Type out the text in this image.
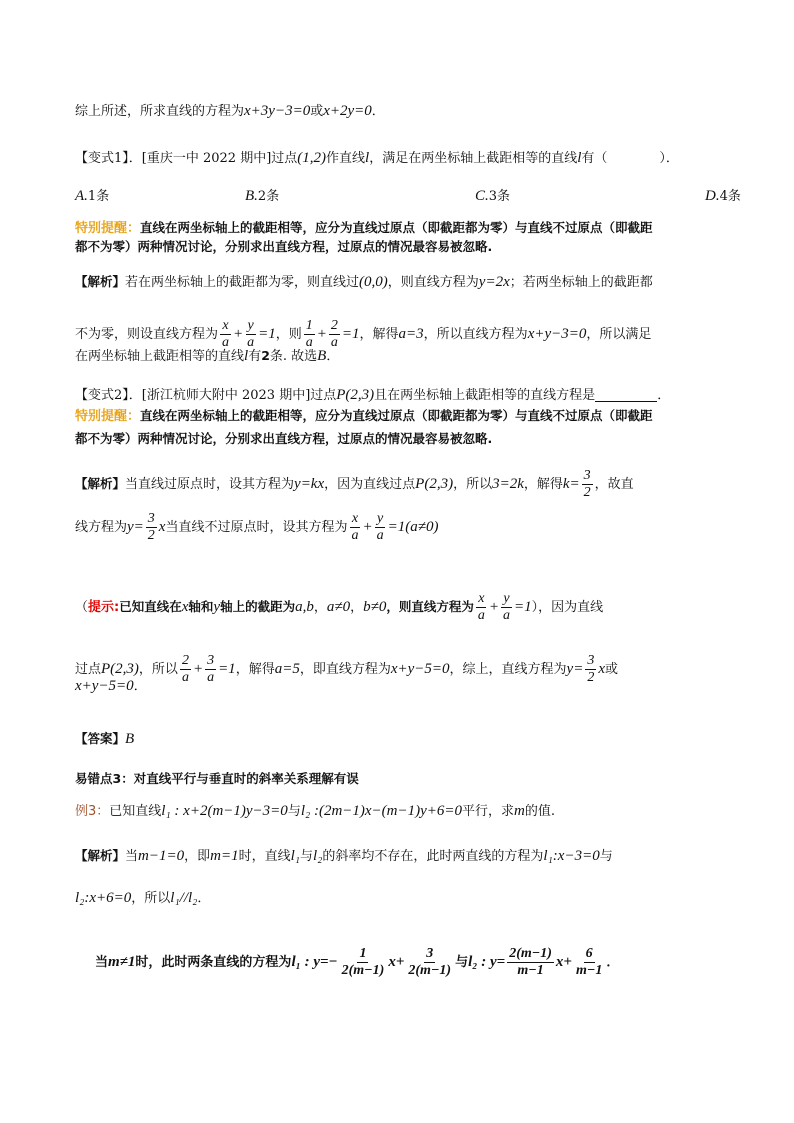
综上所述，所求直线的方程为 x+3y−3=0 或 x+2y=0 ．
【变式1】．[重庆一中 2022 期中]过点 (1,2) 作直线 l ，满足在两坐标轴上截距相等的直线 l 有（　　　　）．
A. 1条	B. 2条	C. 3条	D. 4条
特别提醒： 直线在两坐标轴上的截距相等，应分为直线过原点（即截距都为零）与直线不过原点（即截距
都不为零）两种情况讨论，分别求出直线方程，过原点的情况最容易被忽略.
【解析】 若在两坐标轴上的截距都为零，则直线过 (0,0) ，则直线方程为 y=2x ；若两坐标轴上的截距都
不为零，则设直线方程为 $\frac{x}{a} + \frac{y}{a} =1$ ，则 $\frac{1}{a} + \frac{2}{a} =1$ ，解得 a=3 ，所以直线方程为 x+y−3=0 ，所以满足
在两坐标轴上截距相等的直线 l 有 2 条. 故选 B ．
【变式2】．[浙江杭师大附中 2023 期中]过点 P(2,3) 且在两坐标轴上截距相等的直线方程是	．
特别提醒： 直线在两坐标轴上的截距相等，应分为直线过原点（即截距都为零）与直线不过原点（即截距
都不为零）两种情况讨论，分别求出直线方程，过原点的情况最容易被忽略.
【解析】 当直线过原点时，设其方程为 y=kx ，因为直线过点 P(2,3) ，所以 3=2k ，解得 $k= \frac{3}{2}$ ，故直
线方程为 $y= \frac{3}{2}$ x 当直线不过原点时，设其方程为 $\frac{x}{a} + \frac{y}{a} =1(a\ne 0)$
（ 提示: 已知直线在 x 轴和 y 轴上的截距为 a,b ， a≠0 ， b≠0 ，则直线方程为 $\frac{x}{a} + \frac{y}{a} =1$ ），因为直线
过点 P(2,3) ，所以 $\frac{2}{a} + \frac{3}{a} =1$ ，解得 a=5 ，即直线方程为 x+y−5=0 ，综上，直线方程为 $y= \frac{3}{2}$ x 或
x+y−5=0 ．
【答案】 B
易错点3：对直线平行与垂直时的斜率关系理解有误
例3： 已知直线 l₁ : x+2(m−1)y−3=0 与 l₂ :(2m−1)x−(m−1)y+6=0 平行，求 m 的值.
【解析】 当 m−1=0 ，即 m=1 时，直线 l₁ 与 l₂ 的斜率均不存在，此时两直线的方程为 l₁:x−3=0 与
l₂:x+6=0 ，所以 l₁//l₂ ．
当 m≠1 时，此时两条直线的方程为 l₁ : $y=- \frac{1}{2(m-1)} x+ \frac{3}{2(m-1)}$ 与 l₂ : $y= \frac{2(m-1)}{m-1} x+ \frac{6}{m-1}$ ．
